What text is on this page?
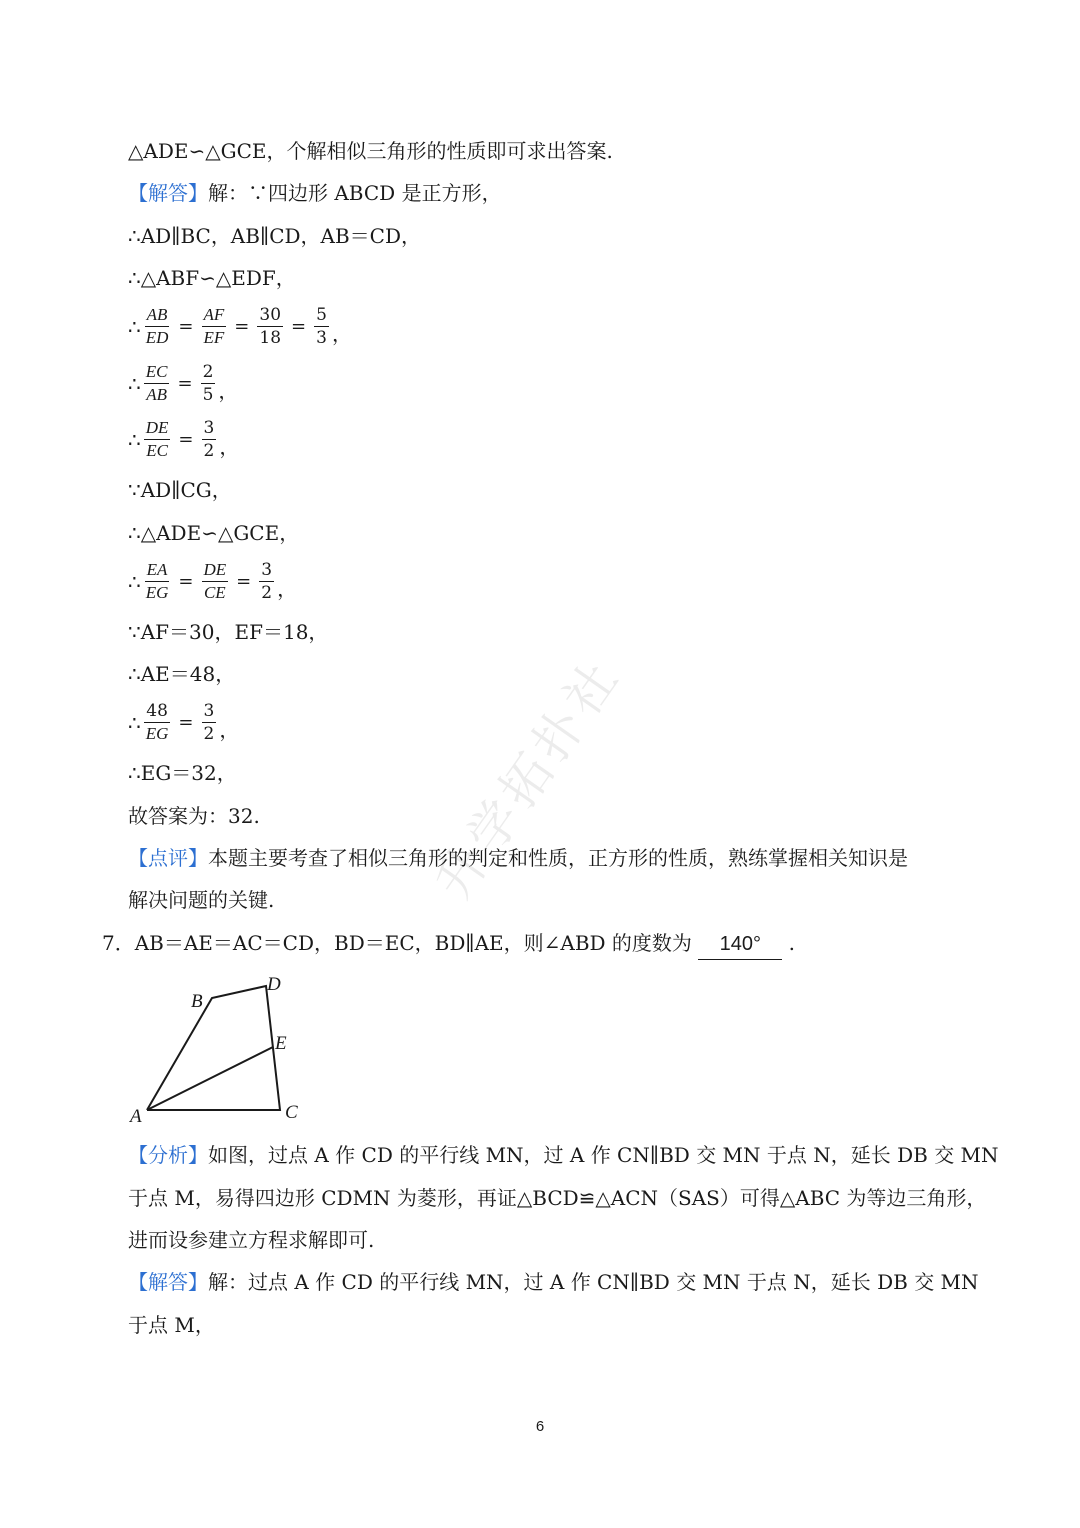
升学拓扑社
△ADE∽△GCE，个解相似三角形的性质即可求出答案.
【解答】解：∵四边形 ABCD 是正方形，
∴AD∥BC，AB∥CD，AB＝CD，
∴△ABF∽△EDF，
∴ $\frac{AB}{ED} = \frac{AF}{EF} = \frac{30}{18} = \frac{5}{3}$ ，
∴ $\frac{EC}{AB} = \frac{2}{5}$ ，
∴ $\frac{DE}{EC} = \frac{3}{2}$ ，
∵AD∥CG，
∴△ADE∽△GCE，
∴ $\frac{EA}{EG} = \frac{DE}{CE} = \frac{3}{2}$ ，
∵AF＝30，EF＝18，
∴AE＝48，
∴ $\frac{48}{EG} = \frac{3}{2}$ ，
∴EG＝32，
故答案为：32.
【点评】本题主要考查了相似三角形的判定和性质，正方形的性质，熟练掌握相关知识是
解决问题的关键.
7．AB＝AE＝AC＝CD，BD＝EC，BD∥AE，则∠ABD 的度数为 140° .
A
B
C
D
E
【分析】如图，过点 A 作 CD 的平行线 MN，过 A 作 CN∥BD 交 MN 于点 N，延长 DB 交 MN
于点 M，易得四边形 CDMN 为菱形，再证△BCD≌△ACN（SAS）可得△ABC 为等边三角形，
进而设参建立方程求解即可.
【解答】解：过点 A 作 CD 的平行线 MN，过 A 作 CN∥BD 交 MN 于点 N，延长 DB 交 MN
于点 M，
6
